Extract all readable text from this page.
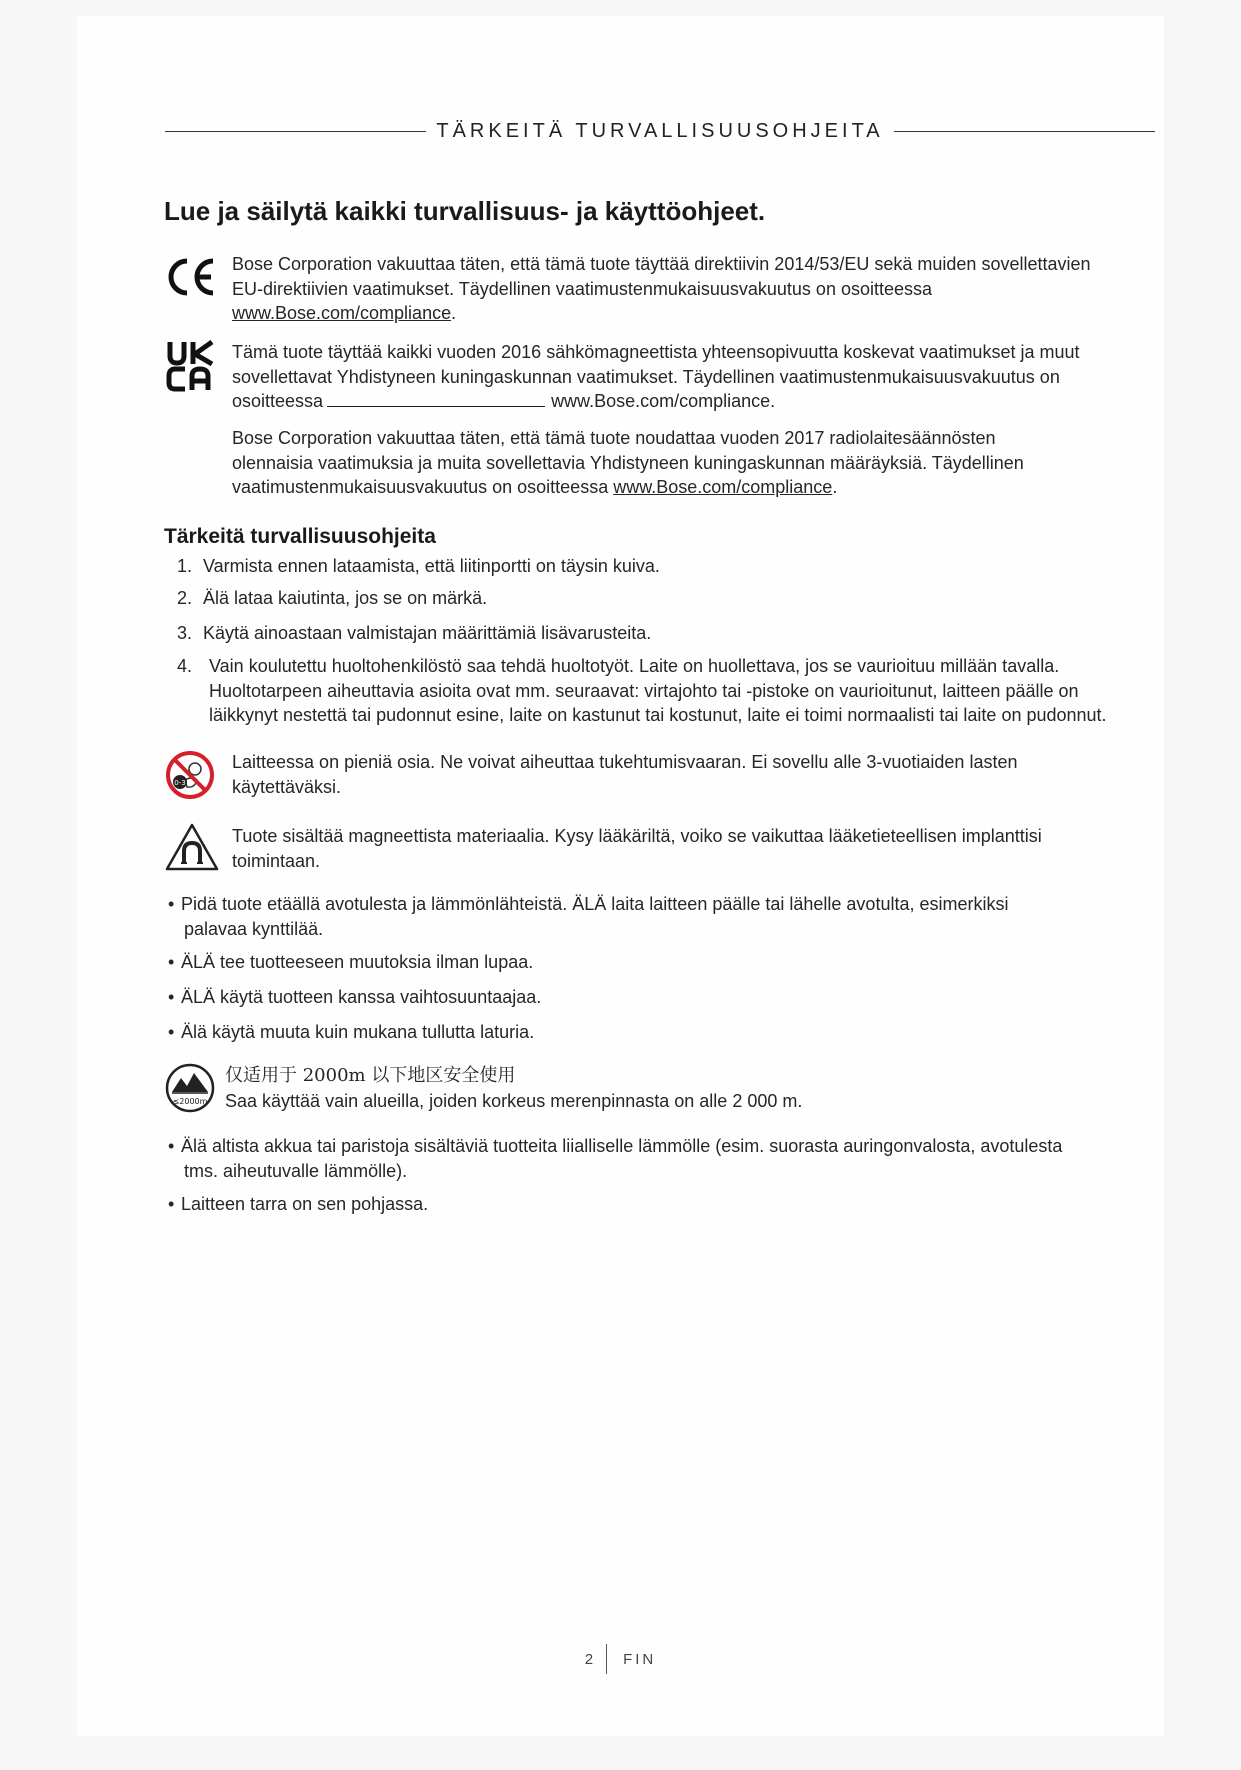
TÄRKEITÄ TURVALLISUUSOHJEITA
Lue ja säilytä kaikki turvallisuus- ja käyttöohjeet.

Bose Corporation vakuuttaa täten, että tämä tuote täyttää direktiivin 2014/53/EU sekä muiden sovellettavien
EU-direktiivien vaatimukset. Täydellinen vaatimustenmukaisuusvakuutus on osoitteessa
www.Bose.com/compliance.

Tämä tuote täyttää kaikki vuoden 2016 sähkömagneettista yhteensopivuutta koskevat vaatimukset ja muut
sovellettavat Yhdistyneen kuningaskunnan vaatimukset. Täydellinen vaatimustenmukaisuusvakuutus on
osoitteessa	www.Bose.com/compliance.

Bose Corporation vakuuttaa täten, että tämä tuote noudattaa vuoden 2017 radiolaitesäännösten
olennaisia vaatimuksia ja muita sovellettavia Yhdistyneen kuningaskunnan määräyksiä. Täydellinen
vaatimustenmukaisuusvakuutus on osoitteessa www.Bose.com/compliance.

Tärkeitä turvallisuusohjeita
1. Varmista ennen lataamista, että liitinportti on täysin kuiva.
2. Älä lataa kaiutinta, jos se on märkä.
3. Käytä ainoastaan valmistajan määrittämiä lisävarusteita.
4. Vain koulutettu huoltohenkilöstö saa tehdä huoltotyöt. Laite on huollettava, jos se vaurioituu millään tavalla.
Huoltotarpeen aiheuttavia asioita ovat mm. seuraavat: virtajohto tai -pistoke on vaurioitunut, laitteen päälle on
läikkynyt nestettä tai pudonnut esine, laite on kastunut tai kostunut, laite ei toimi normaalisti tai laite on pudonnut.
0-3

Laitteessa on pieniä osia. Ne voivat aiheuttaa tukehtumisvaaran. Ei sovellu alle 3-vuotiaiden lasten
käytettäväksi.

Tuote sisältää magneettista materiaalia. Kysy lääkäriltä, voiko se vaikuttaa lääketieteellisen implanttisi
toimintaan.

• Pidä tuote etäällä avotulesta ja lämmönlähteistä. ÄLÄ laita laitteen päälle tai lähelle avotulta, esimerkiksi
palavaa kynttilää.
• ÄLÄ tee tuotteeseen muutoksia ilman lupaa.
• ÄLÄ käytä tuotteen kanssa vaihtosuuntaajaa.
• Älä käytä muuta kuin mukana tullutta laturia.
≤2000m

仅适用于 2000m 以下地区安全使用
Saa käyttää vain alueilla, joiden korkeus merenpinnasta on alle 2 000 m.

• Älä altista akkua tai paristoja sisältäviä tuotteita liialliselle lämmölle (esim. suorasta auringonvalosta, avotulesta
tms. aiheutuvalle lämmölle).
• Laitteen tarra on sen pohjassa.
2 FIN
